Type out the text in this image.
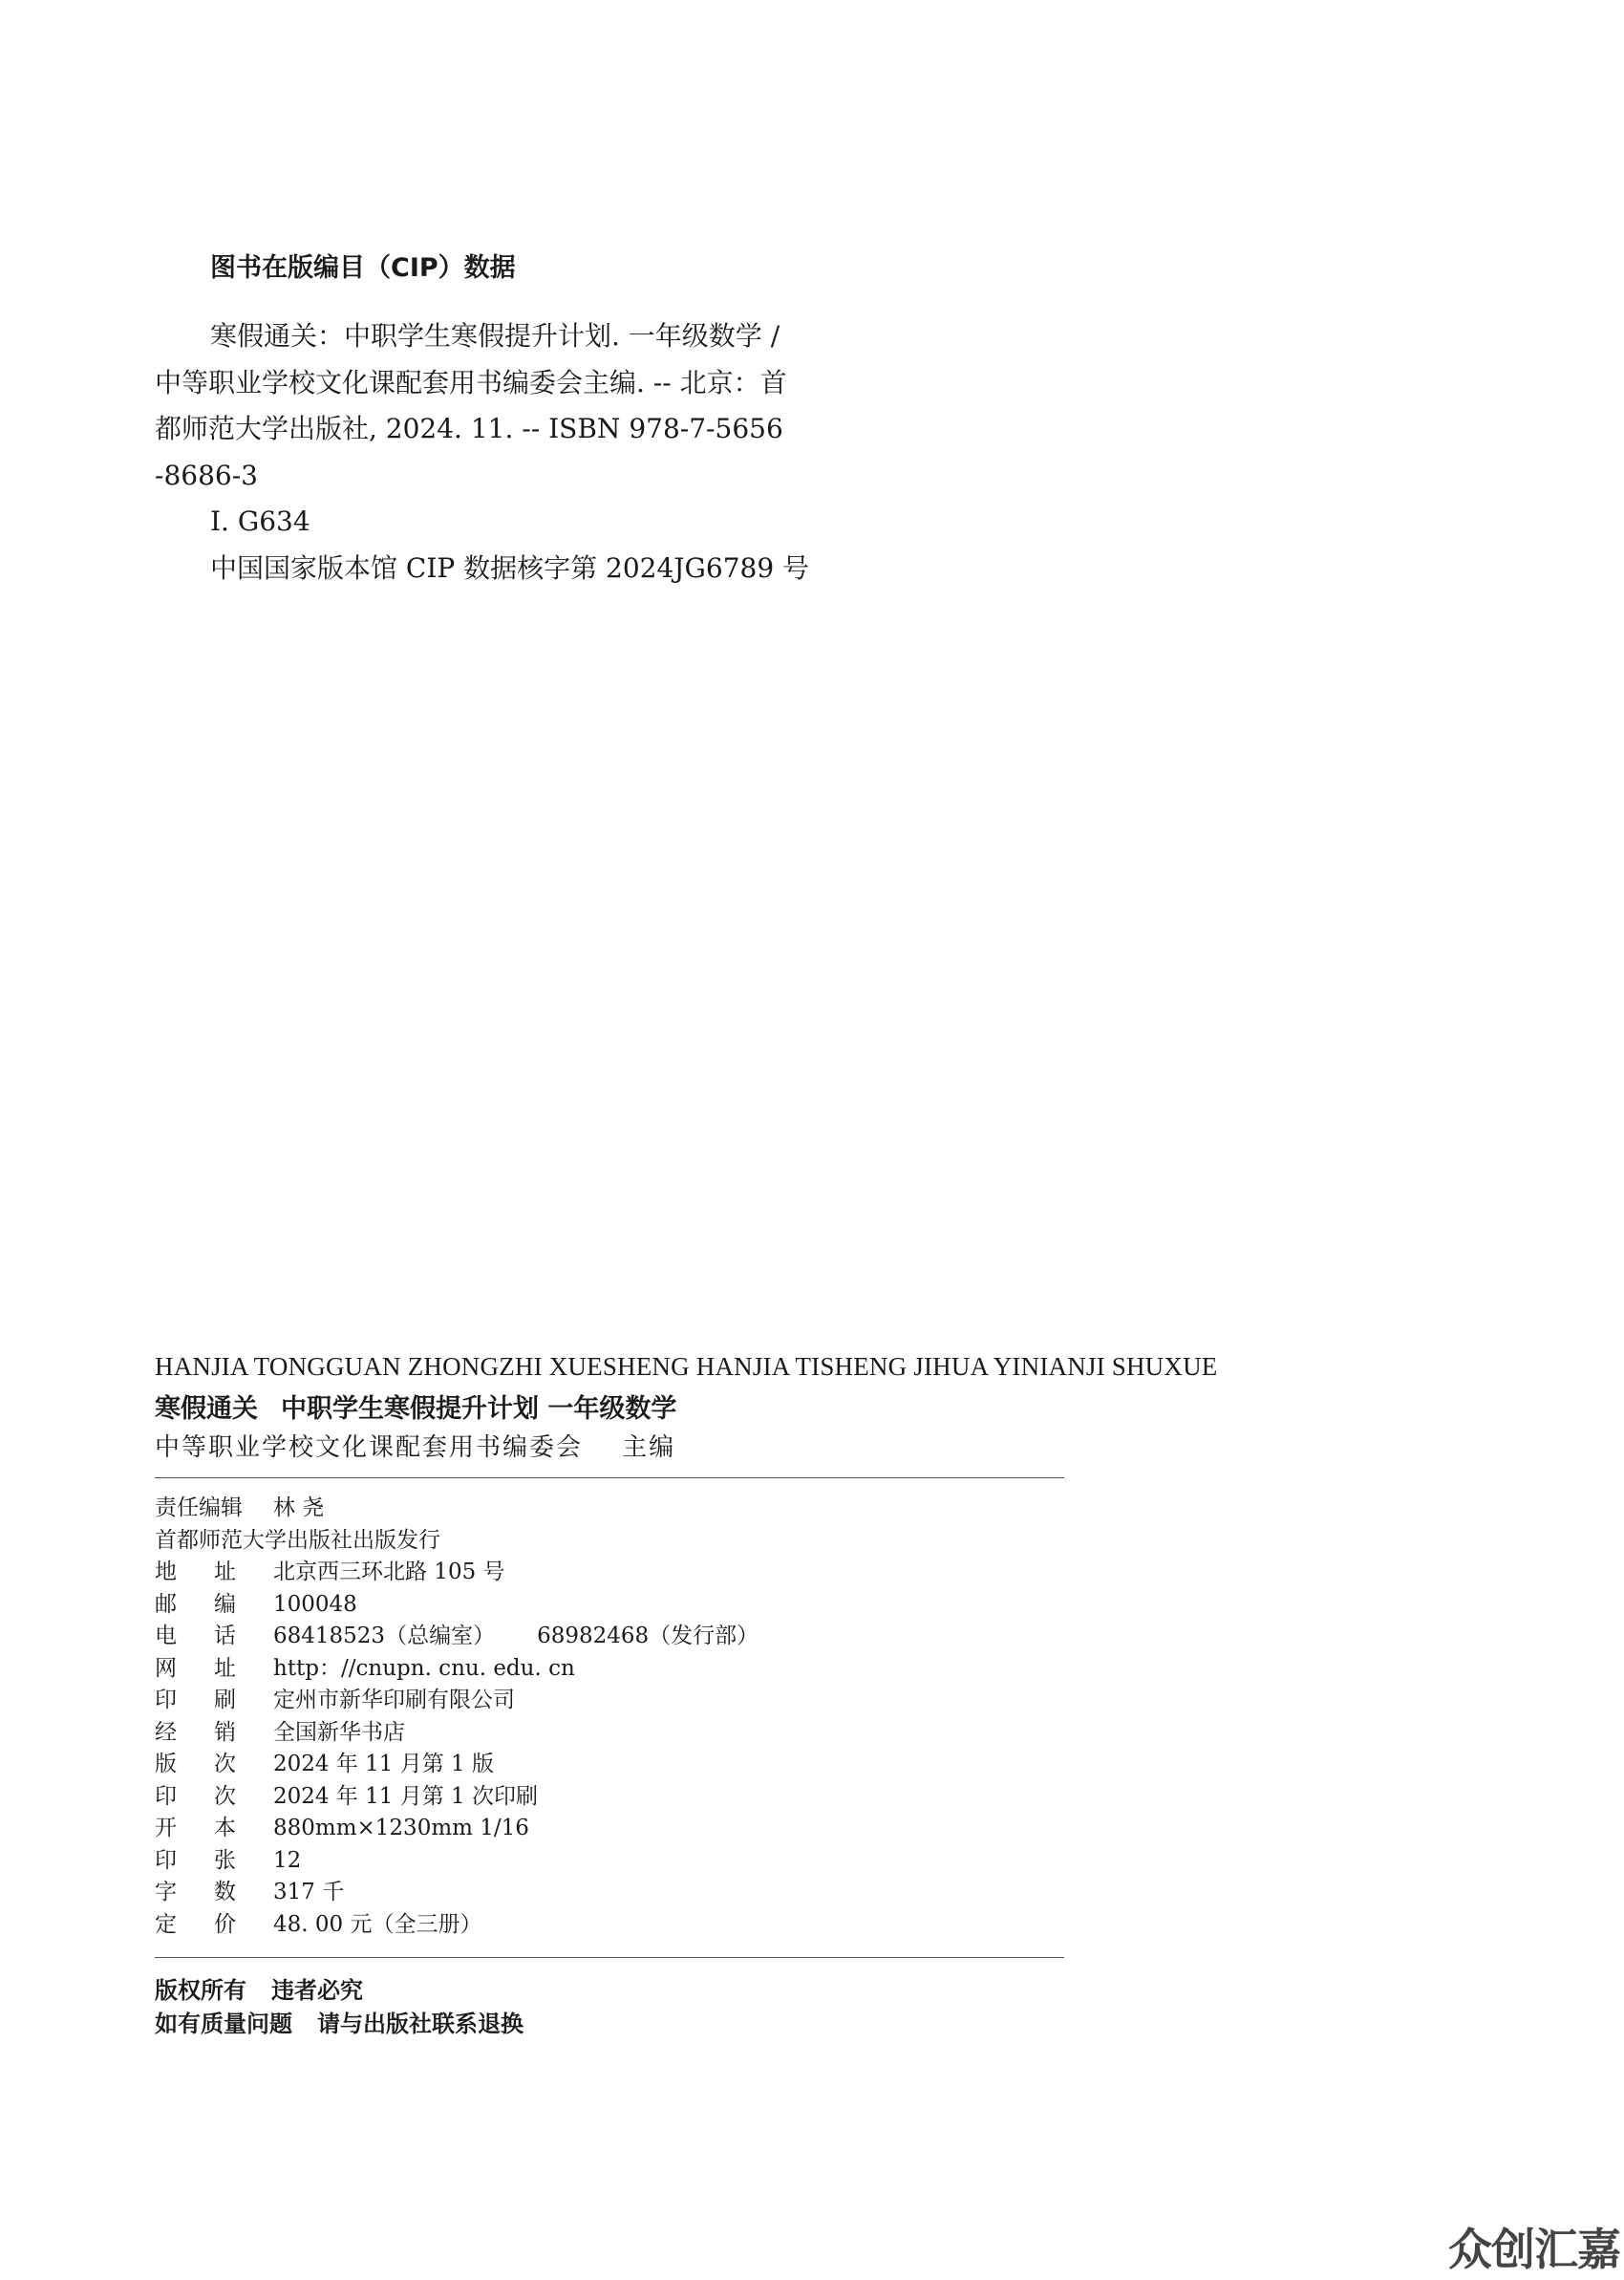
图书在版编目（CIP）数据
寒假通关：中职学生寒假提升计划. 一年级数学 /
中等职业学校文化课配套用书编委会主编. -- 北京：首
都师范大学出版社, 2024. 11. -- ISBN 978-7-5656
-8686-3
Ⅰ. G634
中国国家版本馆 CIP 数据核字第 2024JG6789 号
HANJIA TONGGUAN ZHONGZHI XUESHENG HANJIA TISHENG JIHUA YINIANJI SHUXUE
寒假通关 中职学生寒假提升计划 一年级数学
中等职业学校文化课配套用书编委会 主编
责任编辑 林 尧
首都师范大学出版社出版发行
地 址 北京西三环北路 105 号
邮 编 100048
电 话 68418523（总编室） 68982468（发行部）
网 址 http：//cnupn. cnu. edu. cn
印 刷 定州市新华印刷有限公司
经 销 全国新华书店
版 次 2024 年 11 月第 1 版
印 次 2024 年 11 月第 1 次印刷
开 本 880mm×1230mm 1/16
印 张 12
字 数 317 千
定 价 48. 00 元（全三册）
版权所有 违者必究
如有质量问题 请与出版社联系退换
众创汇嘉
